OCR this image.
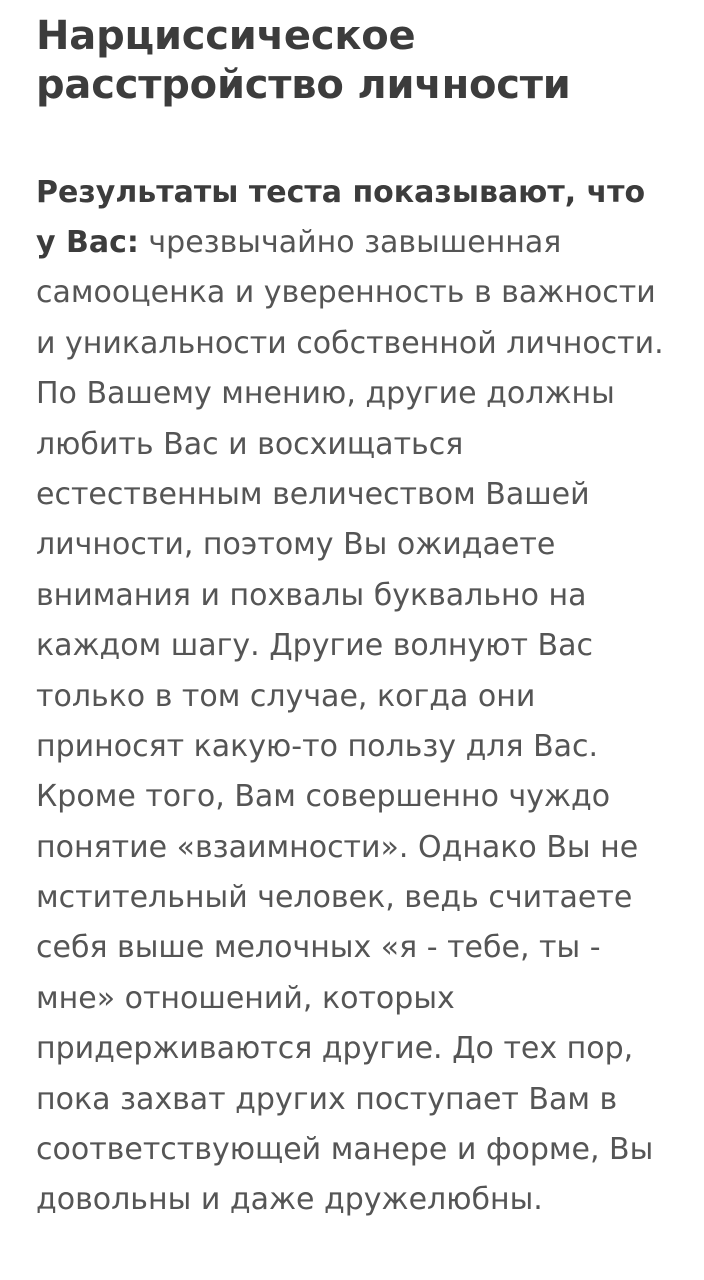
Нарциссическое расстройство личности

Результаты теста показывают, что у Вас: чрезвычайно завышенная самооценка и уверенность в важности и уникальности собственной личности. По Вашему мнению, другие должны любить Вас и восхищаться естественным величеством Вашей личности, поэтому Вы ожидаете внимания и похвалы буквально на каждом шагу. Другие волнуют Вас только в том случае, когда они приносят какую-то пользу для Вас. Кроме того, Вам совершенно чуждо понятие «взаимности». Однако Вы не мстительный человек, ведь считаете себя выше мелочных «я - тебе, ты - мне» отношений, которых придерживаются другие. До тех пор, пока захват других поступает Вам в соответствующей манере и форме, Вы довольны и даже дружелюбны.
